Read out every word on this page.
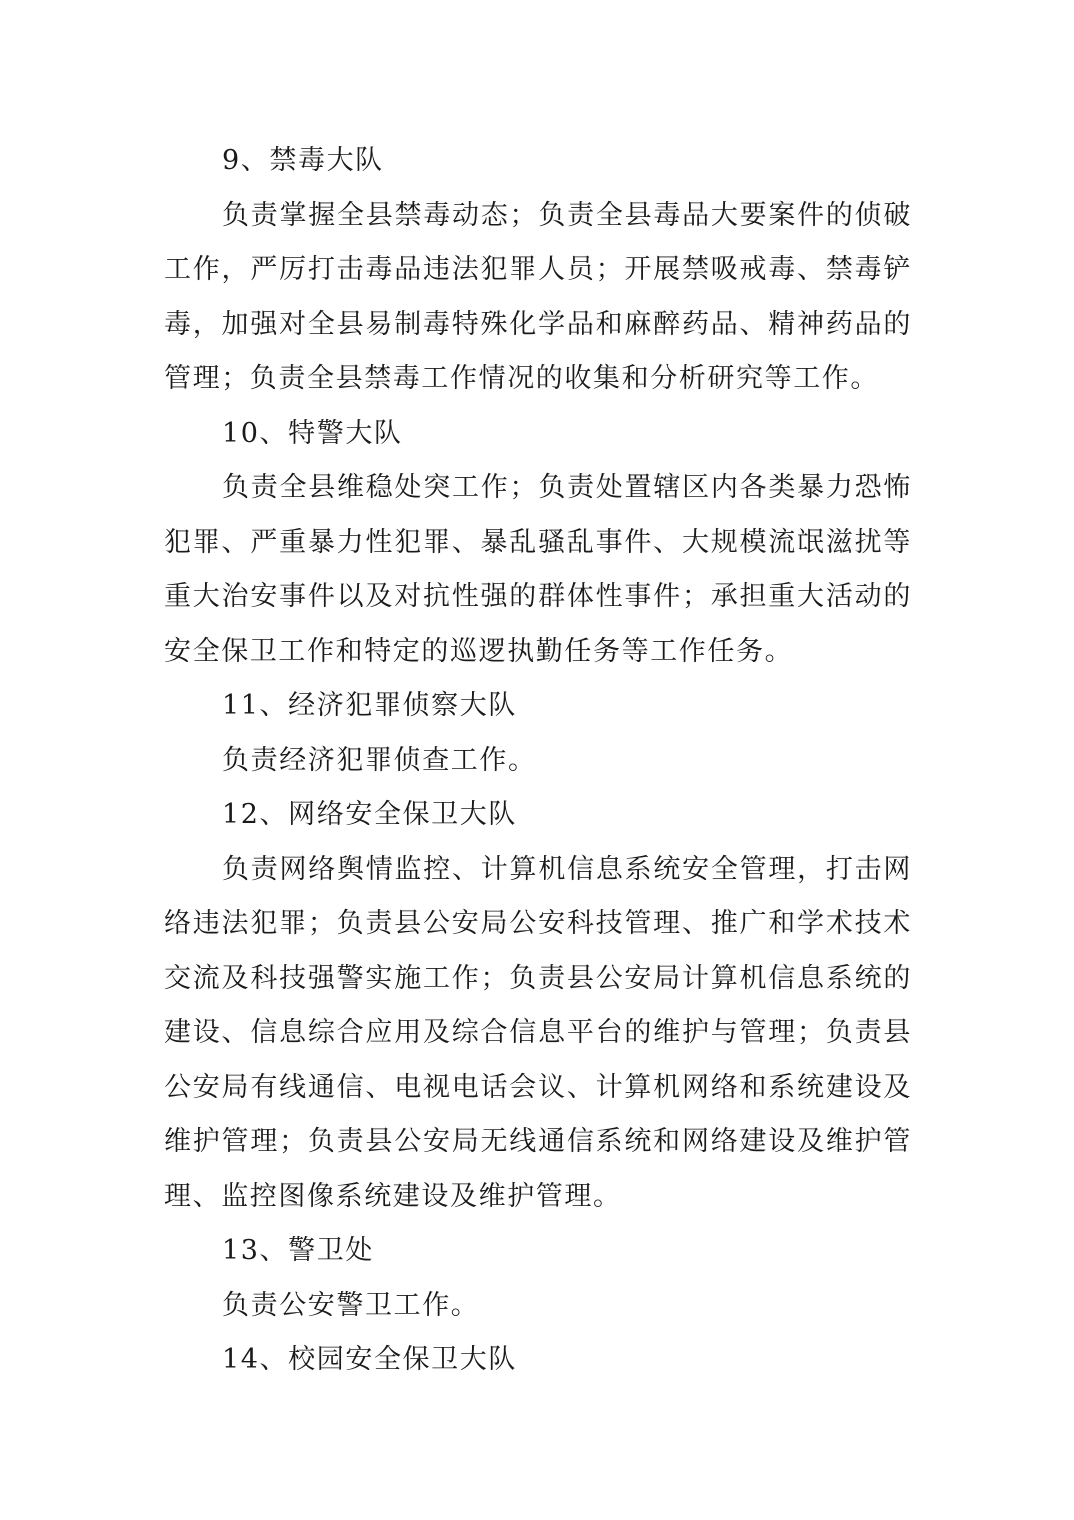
9、禁毒大队

负责掌握全县禁毒动态；负责全县毒品大要案件的侦破工作，严厉打击毒品违法犯罪人员；开展禁吸戒毒、禁毒铲毒，加强对全县易制毒特殊化学品和麻醉药品、精神药品的管理；负责全县禁毒工作情况的收集和分析研究等工作。

10、特警大队

负责全县维稳处突工作；负责处置辖区内各类暴力恐怖犯罪、严重暴力性犯罪、暴乱骚乱事件、大规模流氓滋扰等重大治安事件以及对抗性强的群体性事件；承担重大活动的安全保卫工作和特定的巡逻执勤任务等工作任务。

11、经济犯罪侦察大队

负责经济犯罪侦查工作。

12、网络安全保卫大队

负责网络舆情监控、计算机信息系统安全管理，打击网络违法犯罪；负责县公安局公安科技管理、推广和学术技术交流及科技强警实施工作；负责县公安局计算机信息系统的建设、信息综合应用及综合信息平台的维护与管理；负责县公安局有线通信、电视电话会议、计算机网络和系统建设及维护管理；负责县公安局无线通信系统和网络建设及维护管理、监控图像系统建设及维护管理。

13、警卫处

负责公安警卫工作。

14、校园安全保卫大队
